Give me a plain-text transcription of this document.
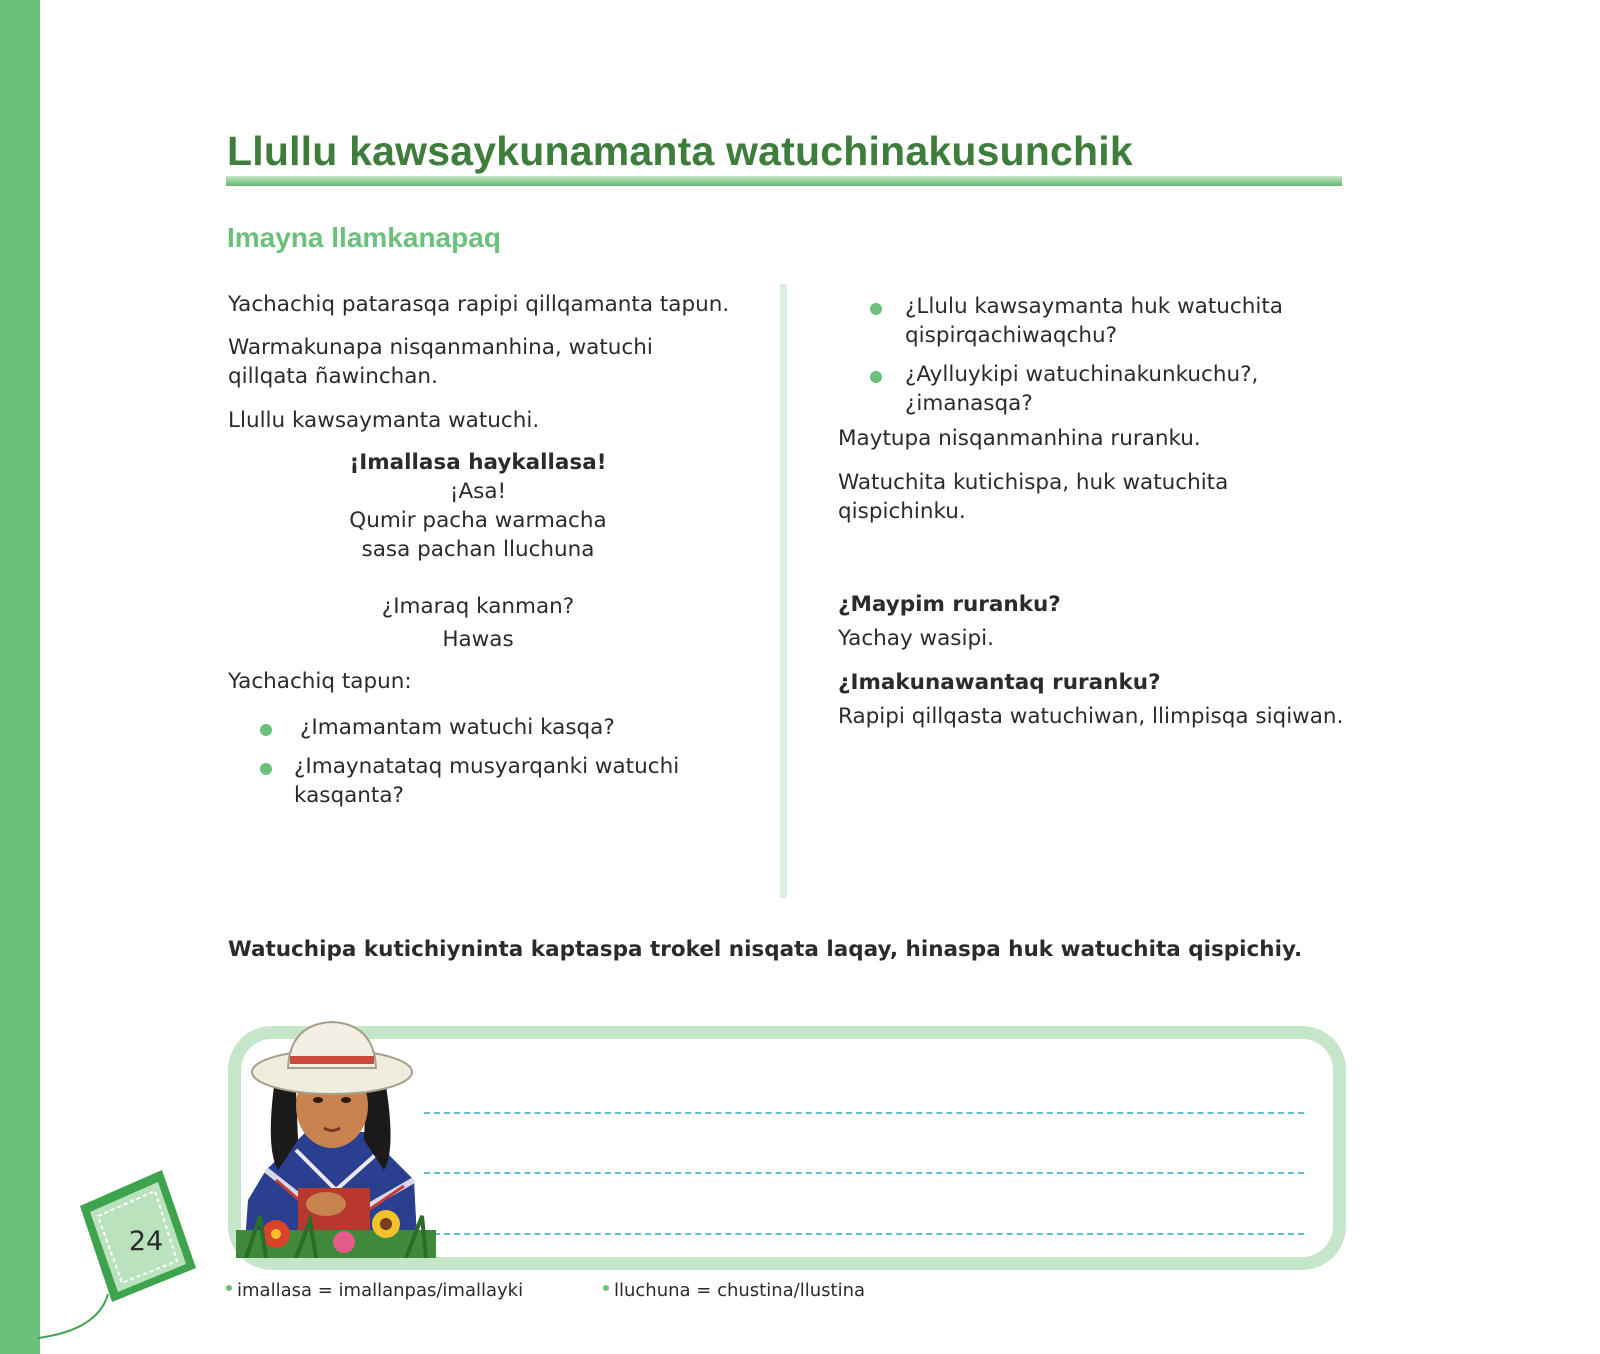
Llullu kawsaykunamanta watuchinakusunchik
Imayna llamkanapaq

Yachachiq patarasqa rapipi qillqamanta tapun.

Warmakunapa nisqanmanhina, watuchi qillqata ñawinchan.

Llullu kawsaymanta watuchi.

¡Imallasa haykallasa!
¡Asa!
Qumir pacha warmacha
sasa pachan lluchuna
¿Imaraq kanman?
Hawas

Yachachiq tapun:

¿Imamantam watuchi kasqa?
¿Imaynatataq musyarqanki watuchi kasqanta?
¿Llulu kawsaymanta huk watuchita qispirqachiwaqchu?
¿Aylluykipi watuchinakunkuchu?, ¿imanasqa?

Maytupa nisqanmanhina ruranku.

Watuchita kutichispa, huk watuchita qispichinku.

¿Maypim ruranku?

Yachay wasipi.

¿Imakunawantaq ruranku?

Rapipi qillqasta watuchiwan, llimpisqa siqiwan.

Watuchipa kutichiyninta kaptaspa trokel nisqata laqay, hinaspa huk watuchita qispichiy.

24
imallasa = imallanpas/imallayki	lluchuna = chustina/llustina
